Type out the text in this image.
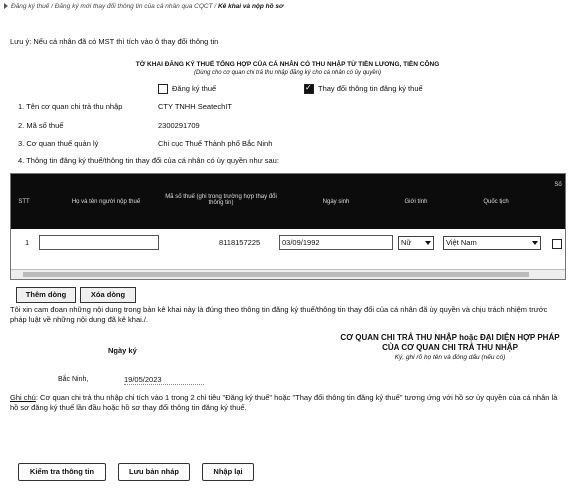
Đăng ký thuế / Đăng ký mới thay đổi thông tin của cá nhân qua CQCT / Kê khai và nộp hồ sơ
Lưu ý: Nếu cá nhân đã có MST thì tích vào ô thay đổi thông tin
TỜ KHAI ĐĂNG KÝ THUẾ TỔNG HỢP CỦA CÁ NHÂN CÓ THU NHẬP TỪ TIỀN LƯƠNG, TIỀN CÔNG
(Dùng cho cơ quan chi trả thu nhập đăng ký cho cá nhân có ủy quyền)
Đăng ký thuế
✓	Thay đổi thông tin đăng ký thuế
1. Tên cơ quan chi trả thu nhập	CTY TNHH SeatechIT
2. Mã số thuế	2300291709
3. Cơ quan thuế quản lý	Chi cục Thuế Thành phố Bắc Ninh
4. Thông tin đăng ký thuế/thông tin thay đổi của cá nhân có ủy quyền như sau:
STT	Họ và tên người nộp thuế
Mã số thuế (ghi trong trường hợp thay đổi thông tin)	Ngày sinh	Giới tính	Quốc tịch
Số
1	8118157225	03/09/1992	Nữ	Việt Nam
Thêm dòng	Xóa dòng
Tôi xin cam đoan những nội dung trong bản kê khai này là đúng theo thông tin đăng ký thuế/thông tin thay đổi của cá nhân đã ủy quyền và chịu trách nhiệm trước pháp luật về những nội dung đã kê khai./.
Ngày ký
CƠ QUAN CHI TRẢ THU NHẬP hoặc ĐẠI DIỆN HỢP PHÁP
CỦA CƠ QUAN CHI TRẢ THU NHẬP
Ký, ghi rõ họ tên và đóng dấu (nếu có)
Bắc Ninh,	19/05/2023
Ghi chú: Cơ quan chi trả thu nhập chỉ tích vào 1 trong 2 chỉ tiêu "Đăng ký thuế" hoặc "Thay đổi thông tin đăng ký thuế" tương ứng với hồ sơ ủy quyền của cá nhân là hồ sơ đăng ký thuế lần đầu hoặc hồ sơ thay đổi thông tin đăng ký thuế.
Kiểm tra thông tin	Lưu bản nháp	Nhập lại
